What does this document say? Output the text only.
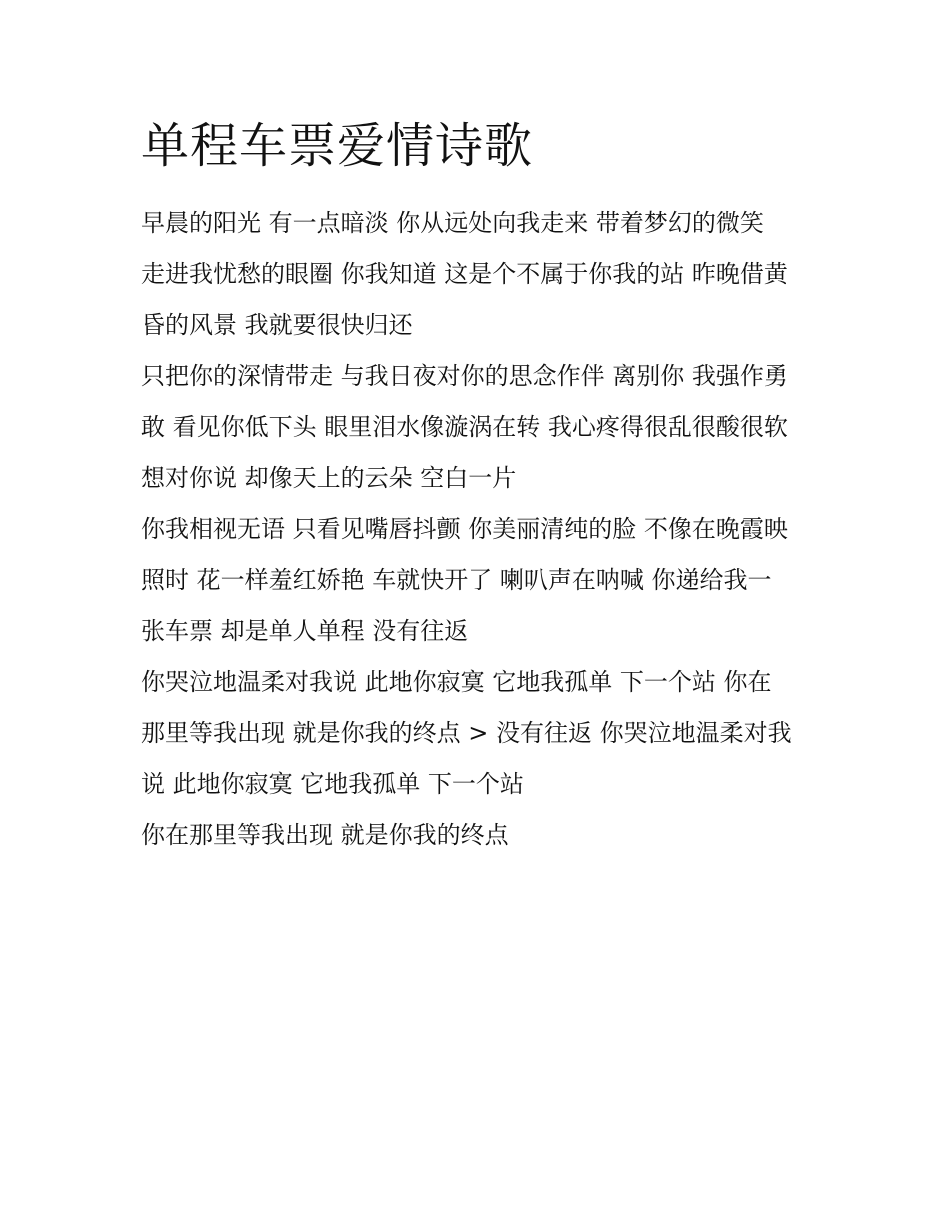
单程车票爱情诗歌
早晨的阳光 有一点暗淡 你从远处向我走来 带着梦幻的微笑
走进我忧愁的眼圈 你我知道 这是个不属于你我的站 昨晚借黄
昏的风景 我就要很快归还
只把你的深情带走 与我日夜对你的思念作伴 离别你 我强作勇
敢 看见你低下头 眼里泪水像漩涡在转 我心疼得很乱很酸很软
想对你说 却像天上的云朵 空白一片
你我相视无语 只看见嘴唇抖颤 你美丽清纯的脸 不像在晚霞映
照时 花一样羞红娇艳 车就快开了 喇叭声在呐喊 你递给我一
张车票 却是单人单程 没有往返
你哭泣地温柔对我说 此地你寂寞 它地我孤单 下一个站 你在
那里等我出现 就是你我的终点 > 没有往返 你哭泣地温柔对我
说 此地你寂寞 它地我孤单 下一个站
你在那里等我出现 就是你我的终点
